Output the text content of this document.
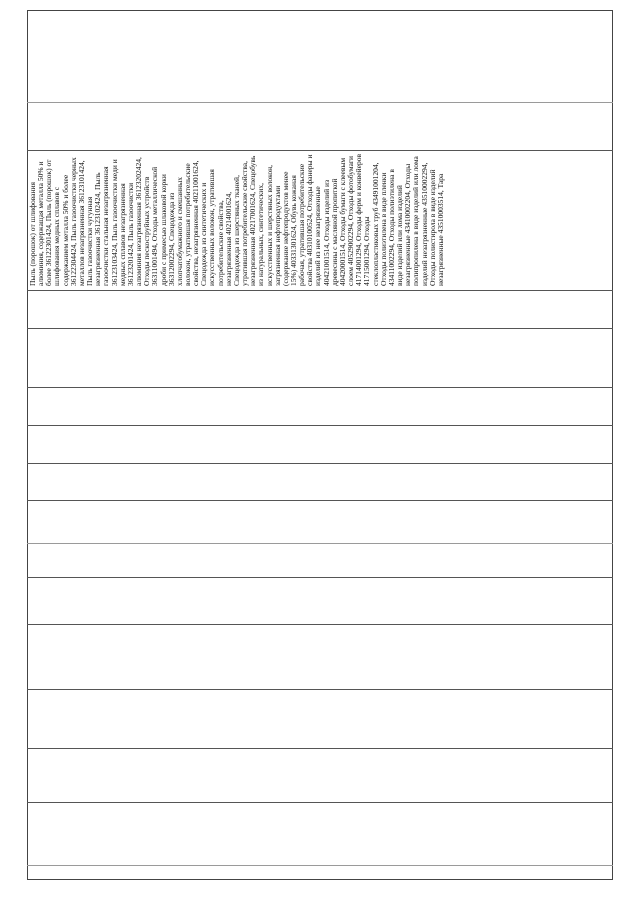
Пыль (порошок) от шлифования алюминия, содержащая металла 50% и более 36122301424, Пыль (порошок) от шлифования медных сплавов с содержанием металла 50% и более 36122304424, Пыль газоочистки черных металлов незагрязненная 36123101424, Пыль газоочистки чугунная незагрязненная 36123102424, Пыль газоочистки стальная незагрязненная 36123103424, Пыль газоочистки меди и медных сплавов незагрязненная 36123201424, Пыль газоочистки алюминия незагрязненная 36123202424, Отходы пескоструйных устройств 36311001494, Отходы металлической дроби с примесью шлаковой корки 36312002294, Спецодежда из хлопчатобумажного и смешанных волокон, утратившая потребительские свойства, незагрязненная 40211001624, Спецодежда из синтетических и искусственных волокон, утратившая потребительские свойства, незагрязненная 40214001624, Спецодежда из шерстяных тканей, утратившая потребительские свойства, незагрязненная 40217001624, Спецобувь из натуральных, синтетических, искусственных и шерстяных волокон, загрязненная нефтепродуктами (содержание нефтепродуктов менее 15%) 40331301624, Обувь кожаная рабочая, утратившая потребительские свойства 40310100524, Отходы фанеры и изделий из нее незагрязненные 40421001514, Отходы изделий из древесины с масляной пропиткой 40420001514, Отходы бумаги с клеевым слоем 40529002294, Отходы фотобумаги 41714001294, Отходы ферм и конвейеров 41715001294, Отходы стеклопластиковых труб 43491001204, Отходы полиэтилена в виде пленки 43411002294, Отходы полиэтилена в виде изделий или лома изделий незагрязненные 43410002204, Отходы полипропилена в виде изделий или лома изделий незагрязненные 43510002294, Отходы полистирола в виде изделий незагрязненные 43510003514, Тара
